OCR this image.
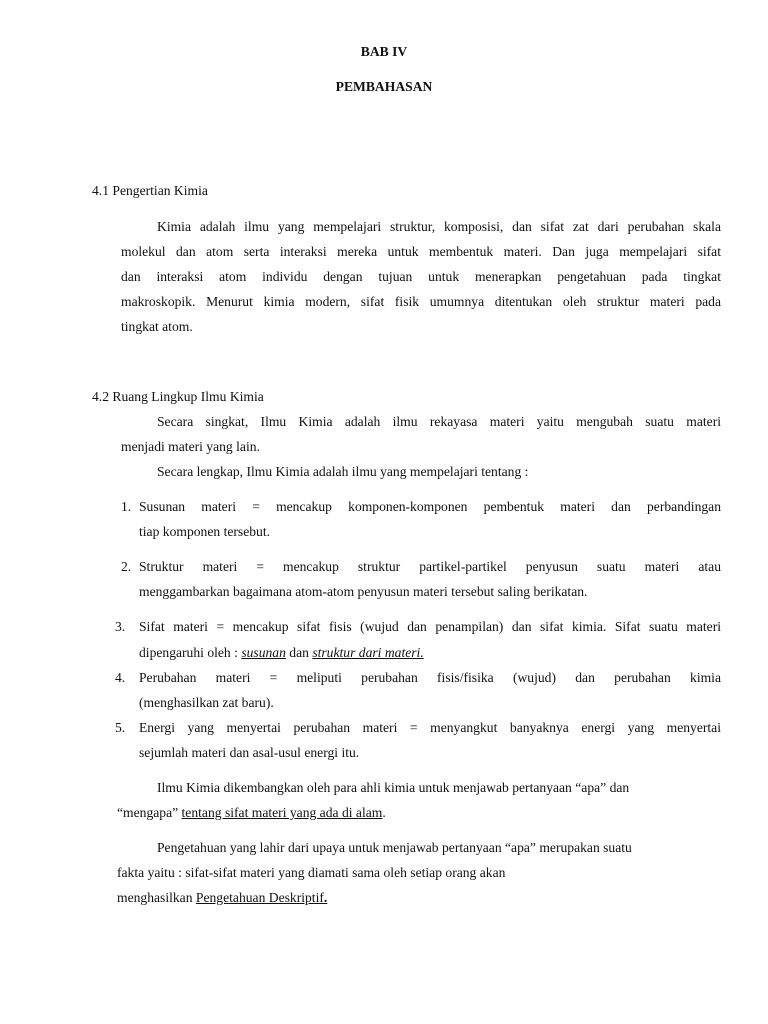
BAB IV
PEMBAHASAN
4.1 Pengertian Kimia
Kimia adalah ilmu yang mempelajari struktur, komposisi, dan sifat zat dari perubahan skala
molekul dan atom serta interaksi mereka untuk membentuk materi. Dan juga mempelajari sifat
dan interaksi atom individu dengan tujuan untuk menerapkan pengetahuan pada tingkat
makroskopik. Menurut kimia modern, sifat fisik umumnya ditentukan oleh struktur materi pada
tingkat atom.
4.2 Ruang Lingkup Ilmu Kimia
Secara singkat, Ilmu Kimia adalah ilmu rekayasa materi yaitu mengubah suatu materi
menjadi materi yang lain.
Secara lengkap, Ilmu Kimia adalah ilmu yang mempelajari tentang :
1. Susunan materi = mencakup komponen-komponen pembentuk materi dan perbandingan
tiap komponen tersebut.
2. Struktur materi = mencakup struktur partikel-partikel penyusun suatu materi atau
menggambarkan bagaimana atom-atom penyusun materi tersebut saling berikatan.
3. Sifat materi = mencakup sifat fisis (wujud dan penampilan) dan sifat kimia. Sifat suatu materi
dipengaruhi oleh : susunan dan struktur dari materi.
4. Perubahan materi = meliputi perubahan fisis/fisika (wujud) dan perubahan kimia
(menghasilkan zat baru).
5. Energi yang menyertai perubahan materi = menyangkut banyaknya energi yang menyertai
sejumlah materi dan asal-usul energi itu.
Ilmu Kimia dikembangkan oleh para ahli kimia untuk menjawab pertanyaan “apa” dan
“mengapa” tentang sifat materi yang ada di alam.
Pengetahuan yang lahir dari upaya untuk menjawab pertanyaan “apa” merupakan suatu
fakta yaitu : sifat-sifat materi yang diamati sama oleh setiap orang akan
menghasilkan Pengetahuan Deskriptif.
